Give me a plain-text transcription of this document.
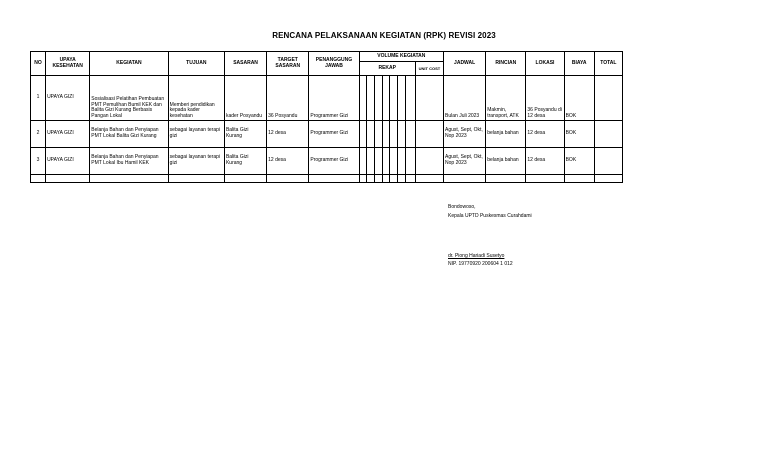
RENCANA PELAKSANAAN KEGIATAN (RPK) REVISI 2023
NO	UPAYA KESEHATAN	KEGIATAN	TUJUAN	SASARAN	TARGET SASARAN	PENANGGUNG JAWAB	VOLUME KEGIATAN								JADWAL	RINCIAN	LOKASI	BIAYA	TOTAL
							REKAP							UNIT COST					
1	UPAYA GIZI	Sosialisasi Pelatihan Pembuatan PMT Pemulihan Bumil KEK dan Balita Gizi Kurang Berbasis Pangan Lokal	Memberi pendidikan kepada kader kesehatan	kader Posyandu	36 Posyandu	Programmer Gizi									Bulan Juli 2023	Makmin, transport, ATK	36 Posyandu di 12 desa	BOK	
2	UPAYA GIZI	Belanja Bahan dan Penyiapan PMT Lokal Balita Gizi Kurang	sebagai layanan terapi gizi	Balita Gizi Kurang	12 desa	Programmer Gizi									Agust, Sept, Okt, Nop 2023	belanja bahan	12 desa	BOK	
3	UPAYA GIZI	Belanja Bahan dan Penyiapan PMT Lokal Ibu Hamil KEK	sebagai layanan terapi gizi	Balita Gizi Kurang	12 desa	Programmer Gizi									Agust, Sept, Okt, Nop 2023	belanja bahan	12 desa	BOK	

Bondowoso,
Kepala UPTD Puskesmas Curahdami
dr. Piong Hariadi Susetyo
NIP. 19770920 200604 1 012
